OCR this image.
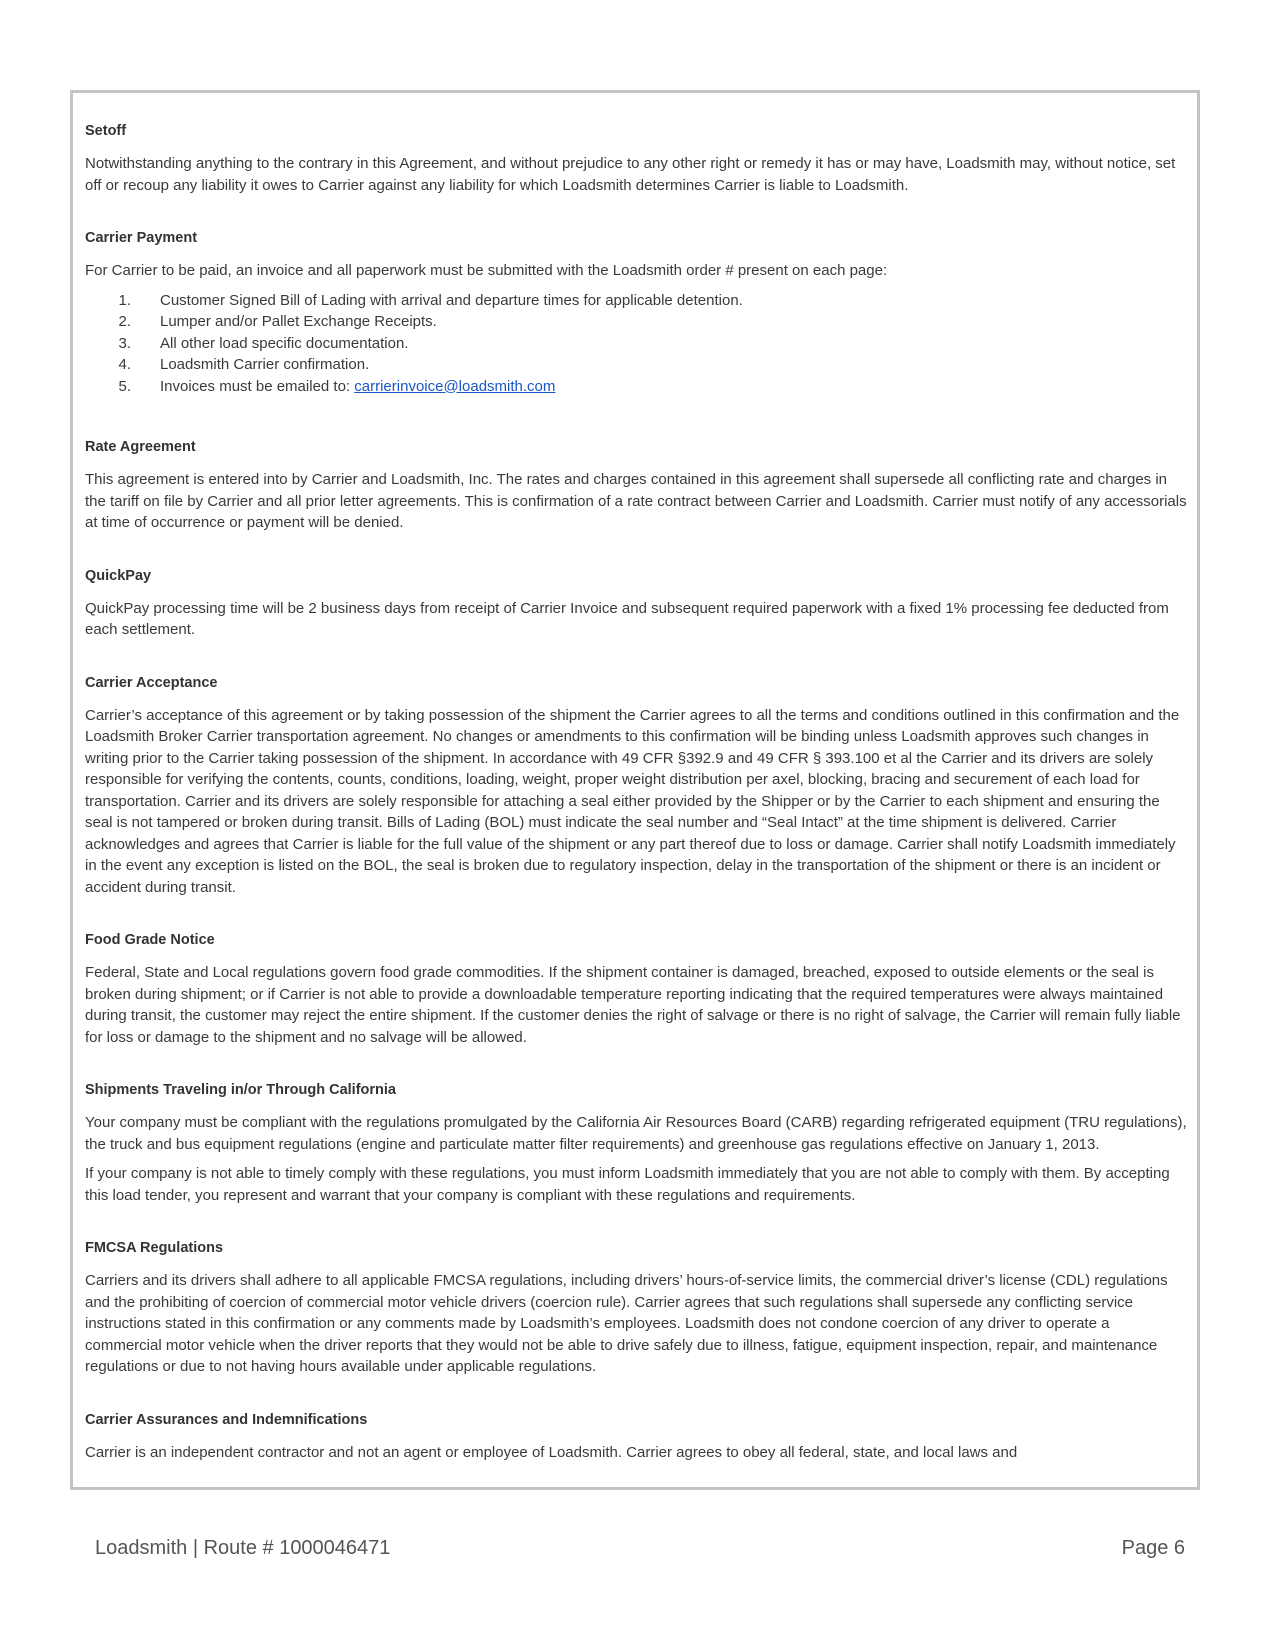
Setoff
Notwithstanding anything to the contrary in this Agreement, and without prejudice to any other right or remedy it has or may have, Loadsmith may, without notice, set off or recoup any liability it owes to Carrier against any liability for which Loadsmith determines Carrier is liable to Loadsmith.
Carrier Payment
For Carrier to be paid, an invoice and all paperwork must be submitted with the Loadsmith order # present on each page:
1.	Customer Signed Bill of Lading with arrival and departure times for applicable detention.
2.	Lumper and/or Pallet Exchange Receipts.
3.	All other load specific documentation.
4.	Loadsmith Carrier confirmation.
5.	Invoices must be emailed to: carrierinvoice@loadsmith.com
Rate Agreement
This agreement is entered into by Carrier and Loadsmith, Inc. The rates and charges contained in this agreement shall supersede all conflicting rate and charges in the tariff on file by Carrier and all prior letter agreements. This is confirmation of a rate contract between Carrier and Loadsmith. Carrier must notify of any accessorials at time of occurrence or payment will be denied.
QuickPay
QuickPay processing time will be 2 business days from receipt of Carrier Invoice and subsequent required paperwork with a fixed 1% processing fee deducted from each settlement.
Carrier Acceptance
Carrier’s acceptance of this agreement or by taking possession of the shipment the Carrier agrees to all the terms and conditions outlined in this confirmation and the Loadsmith Broker Carrier transportation agreement. No changes or amendments to this confirmation will be binding unless Loadsmith approves such changes in writing prior to the Carrier taking possession of the shipment. In accordance with 49 CFR §392.9 and 49 CFR § 393.100 et al the Carrier and its drivers are solely responsible for verifying the contents, counts, conditions, loading, weight, proper weight distribution per axel, blocking, bracing and securement of each load for transportation. Carrier and its drivers are solely responsible for attaching a seal either provided by the Shipper or by the Carrier to each shipment and ensuring the seal is not tampered or broken during transit. Bills of Lading (BOL) must indicate the seal number and “Seal Intact” at the time shipment is delivered. Carrier acknowledges and agrees that Carrier is liable for the full value of the shipment or any part thereof due to loss or damage. Carrier shall notify Loadsmith immediately in the event any exception is listed on the BOL, the seal is broken due to regulatory inspection, delay in the transportation of the shipment or there is an incident or accident during transit.
Food Grade Notice
Federal, State and Local regulations govern food grade commodities. If the shipment container is damaged, breached, exposed to outside elements or the seal is broken during shipment; or if Carrier is not able to provide a downloadable temperature reporting indicating that the required temperatures were always maintained during transit, the customer may reject the entire shipment. If the customer denies the right of salvage or there is no right of salvage, the Carrier will remain fully liable for loss or damage to the shipment and no salvage will be allowed.
Shipments Traveling in/or Through California
Your company must be compliant with the regulations promulgated by the California Air Resources Board (CARB) regarding refrigerated equipment (TRU regulations), the truck and bus equipment regulations (engine and particulate matter filter requirements) and greenhouse gas regulations effective on January 1, 2013.
If your company is not able to timely comply with these regulations, you must inform Loadsmith immediately that you are not able to comply with them. By accepting this load tender, you represent and warrant that your company is compliant with these regulations and requirements.
FMCSA Regulations
Carriers and its drivers shall adhere to all applicable FMCSA regulations, including drivers’ hours-of-service limits, the commercial driver’s license (CDL) regulations and the prohibiting of coercion of commercial motor vehicle drivers (coercion rule). Carrier agrees that such regulations shall supersede any conflicting service instructions stated in this confirmation or any comments made by Loadsmith’s employees. Loadsmith does not condone coercion of any driver to operate a commercial motor vehicle when the driver reports that they would not be able to drive safely due to illness, fatigue, equipment inspection, repair, and maintenance regulations or due to not having hours available under applicable regulations.
Carrier Assurances and Indemnifications
Carrier is an independent contractor and not an agent or employee of Loadsmith. Carrier agrees to obey all federal, state, and local laws and
Loadsmith | Route # 1000046471	Page 6
